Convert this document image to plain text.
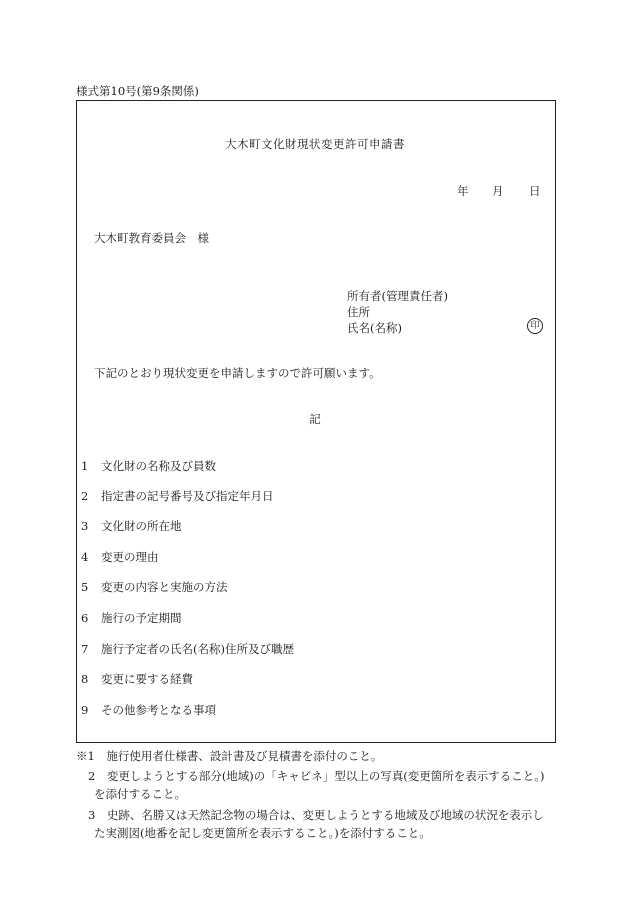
様式第10号(第9条関係)
大木町文化財現状変更許可申請書
年 月 日
大木町教育委員会　様
所有者(管理責任者)
住所
氏名(名称)	印
下記のとおり現状変更を申請しますので許可願います。
記
1 文化財の名称及び員数
2 指定書の記号番号及び指定年月日
3 文化財の所在地
4 変更の理由
5 変更の内容と実施の方法
6 施行の予定期間
7 施行予定者の氏名(名称)住所及び職歴
8 変更に要する経費
9 その他参考となる事項
※1　施行使用者仕様書、設計書及び見積書を添付のこと。
2　変更しようとする部分(地域)の「キャビネ」型以上の写真(変更箇所を表示すること。)
を添付すること。
3　史跡、名勝又は天然記念物の場合は、変更しようとする地域及び地域の状況を表示し
た実測図(地番を記し変更箇所を表示すること。)を添付すること。
